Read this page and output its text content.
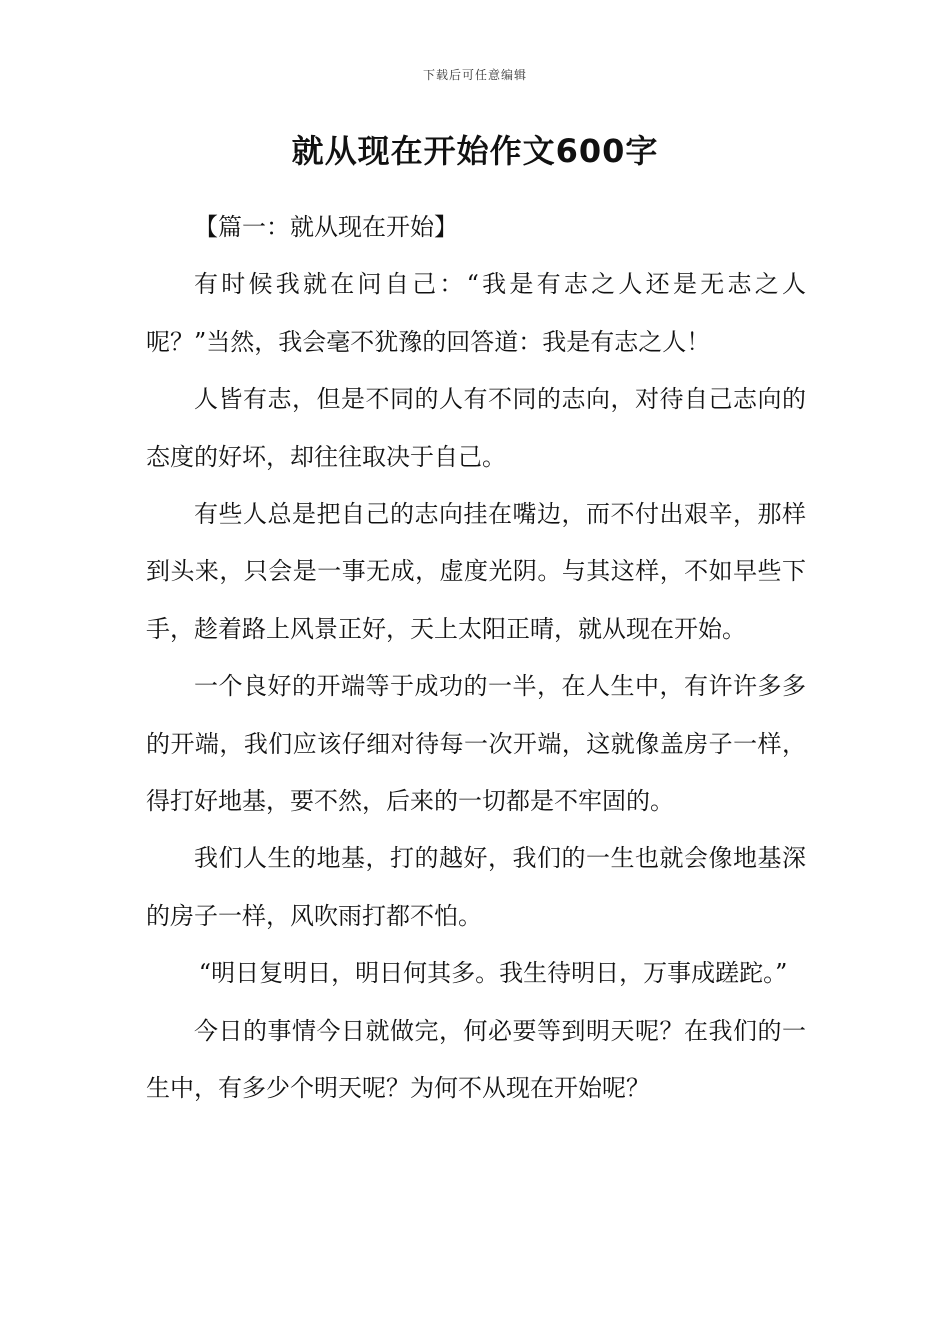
下载后可任意编辑
就从现在开始作文600字

【篇一：就从现在开始】

有时候我就在问自己：“我是有志之人还是无志之人呢？”当然，我会毫不犹豫的回答道：我是有志之人！

人皆有志，但是不同的人有不同的志向，对待自己志向的态度的好坏，却往往取决于自己。

有些人总是把自己的志向挂在嘴边，而不付出艰辛，那样到头来，只会是一事无成，虚度光阴。与其这样，不如早些下手，趁着路上风景正好，天上太阳正晴，就从现在开始。

一个良好的开端等于成功的一半，在人生中，有许许多多的开端，我们应该仔细对待每一次开端，这就像盖房子一样，得打好地基，要不然，后来的一切都是不牢固的。

我们人生的地基，打的越好，我们的一生也就会像地基深的房子一样，风吹雨打都不怕。

“明日复明日，明日何其多。我生待明日，万事成蹉跎。”

今日的事情今日就做完，何必要等到明天呢？在我们的一生中，有多少个明天呢？为何不从现在开始呢？
